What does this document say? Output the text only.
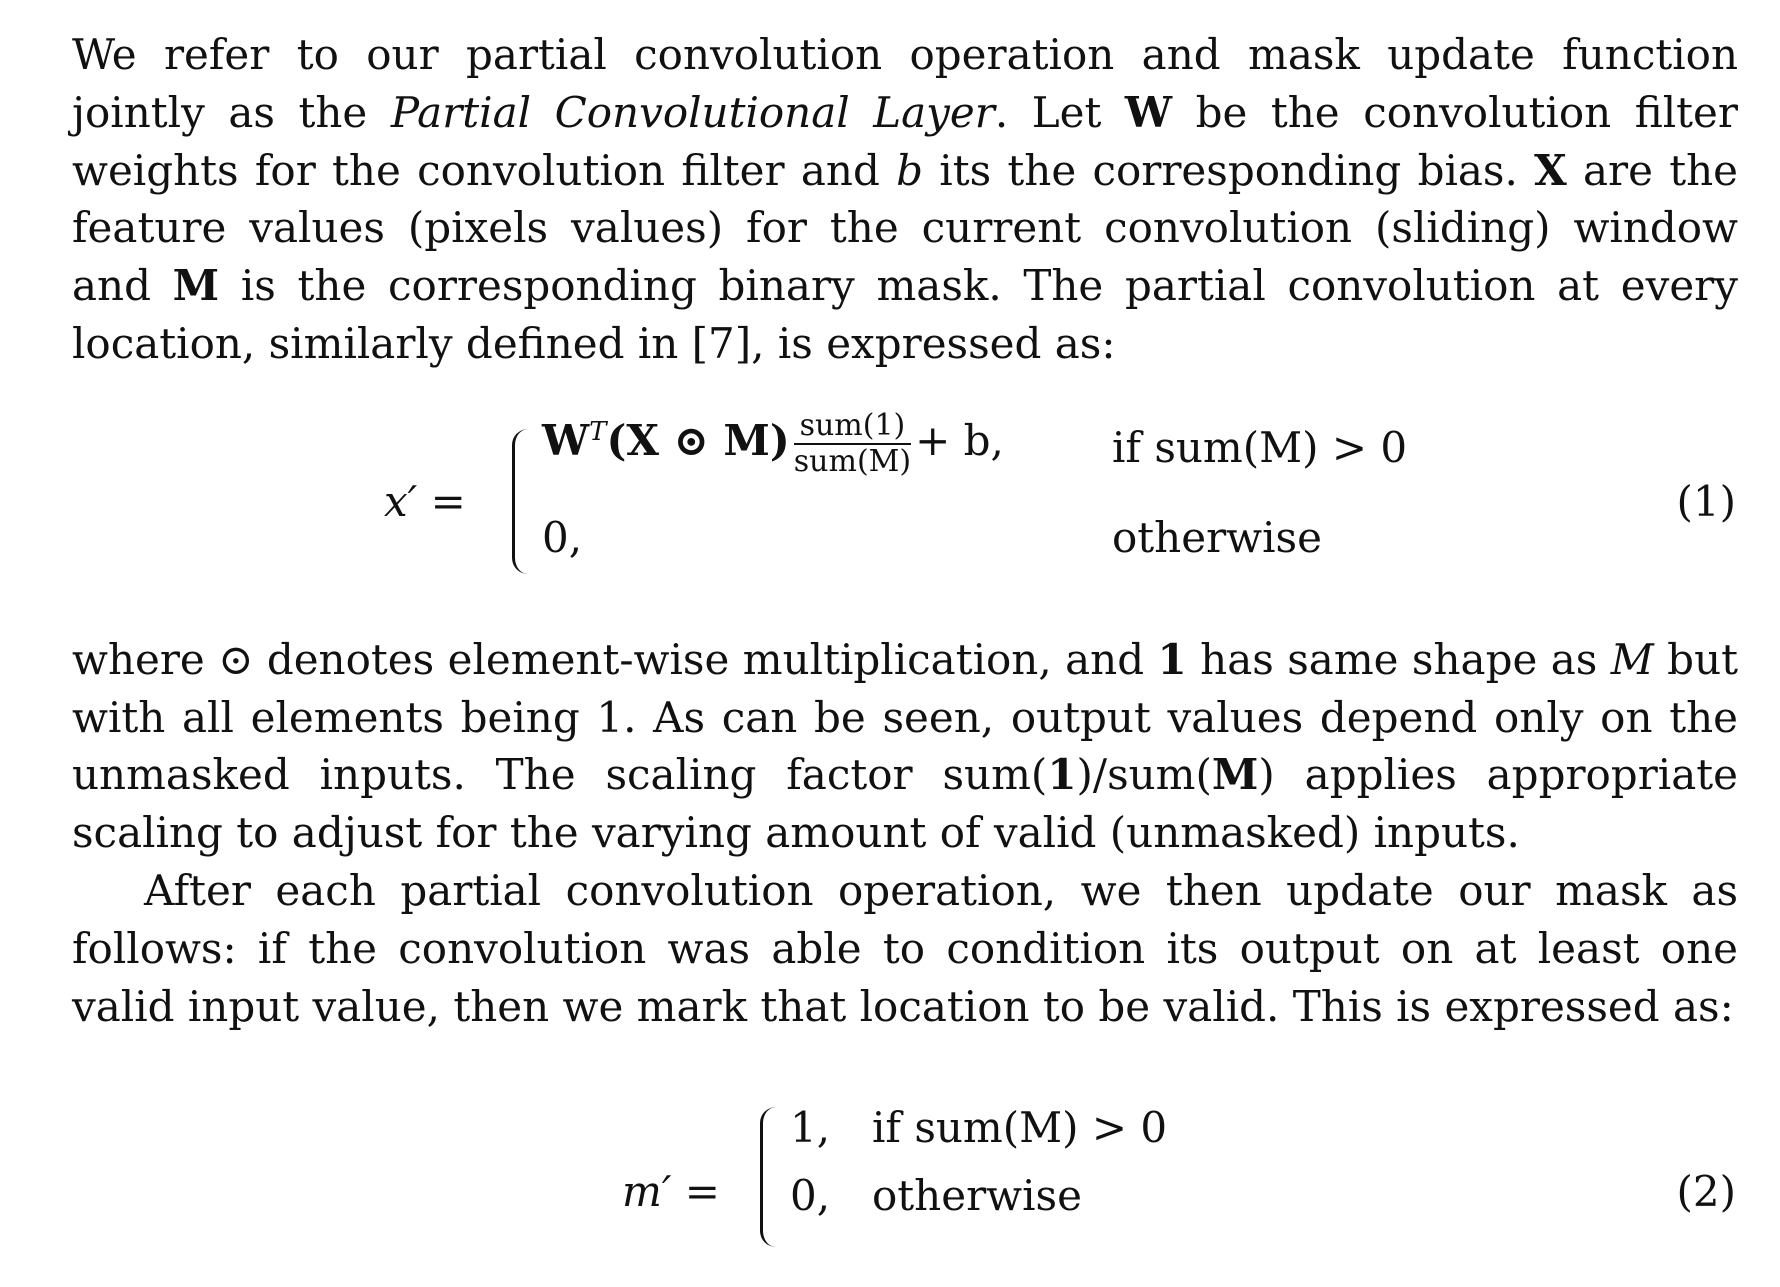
We refer to our partial convolution operation and mask update function jointly as the Partial Convolutional Layer. Let W be the convolution filter weights for the convolution filter and b its the corresponding bias. X are the feature values (pixels values) for the current convolution (sliding) window and M is the corresponding binary mask. The partial convolution at every location, similarly defined in [7], is expressed as:

x′ =
$W^T(X$ ⊙ $M) \frac{\text{sum(1)}}{\text{sum(M)}} + b$,	if sum(M) > 0
0,	otherwise
(1)

where ⊙ denotes element-wise multiplication, and 1 has same shape as M but with all elements being 1. As can be seen, output values depend only on the unmasked inputs. The scaling factor sum(1)/sum(M) applies appropriate scaling to adjust for the varying amount of valid (unmasked) inputs.

After each partial convolution operation, we then update our mask as follows: if the convolution was able to condition its output on at least one valid input value, then we mark that location to be valid. This is expressed as:

m′ =
1, if sum(M) > 0
0, otherwise	(2)
